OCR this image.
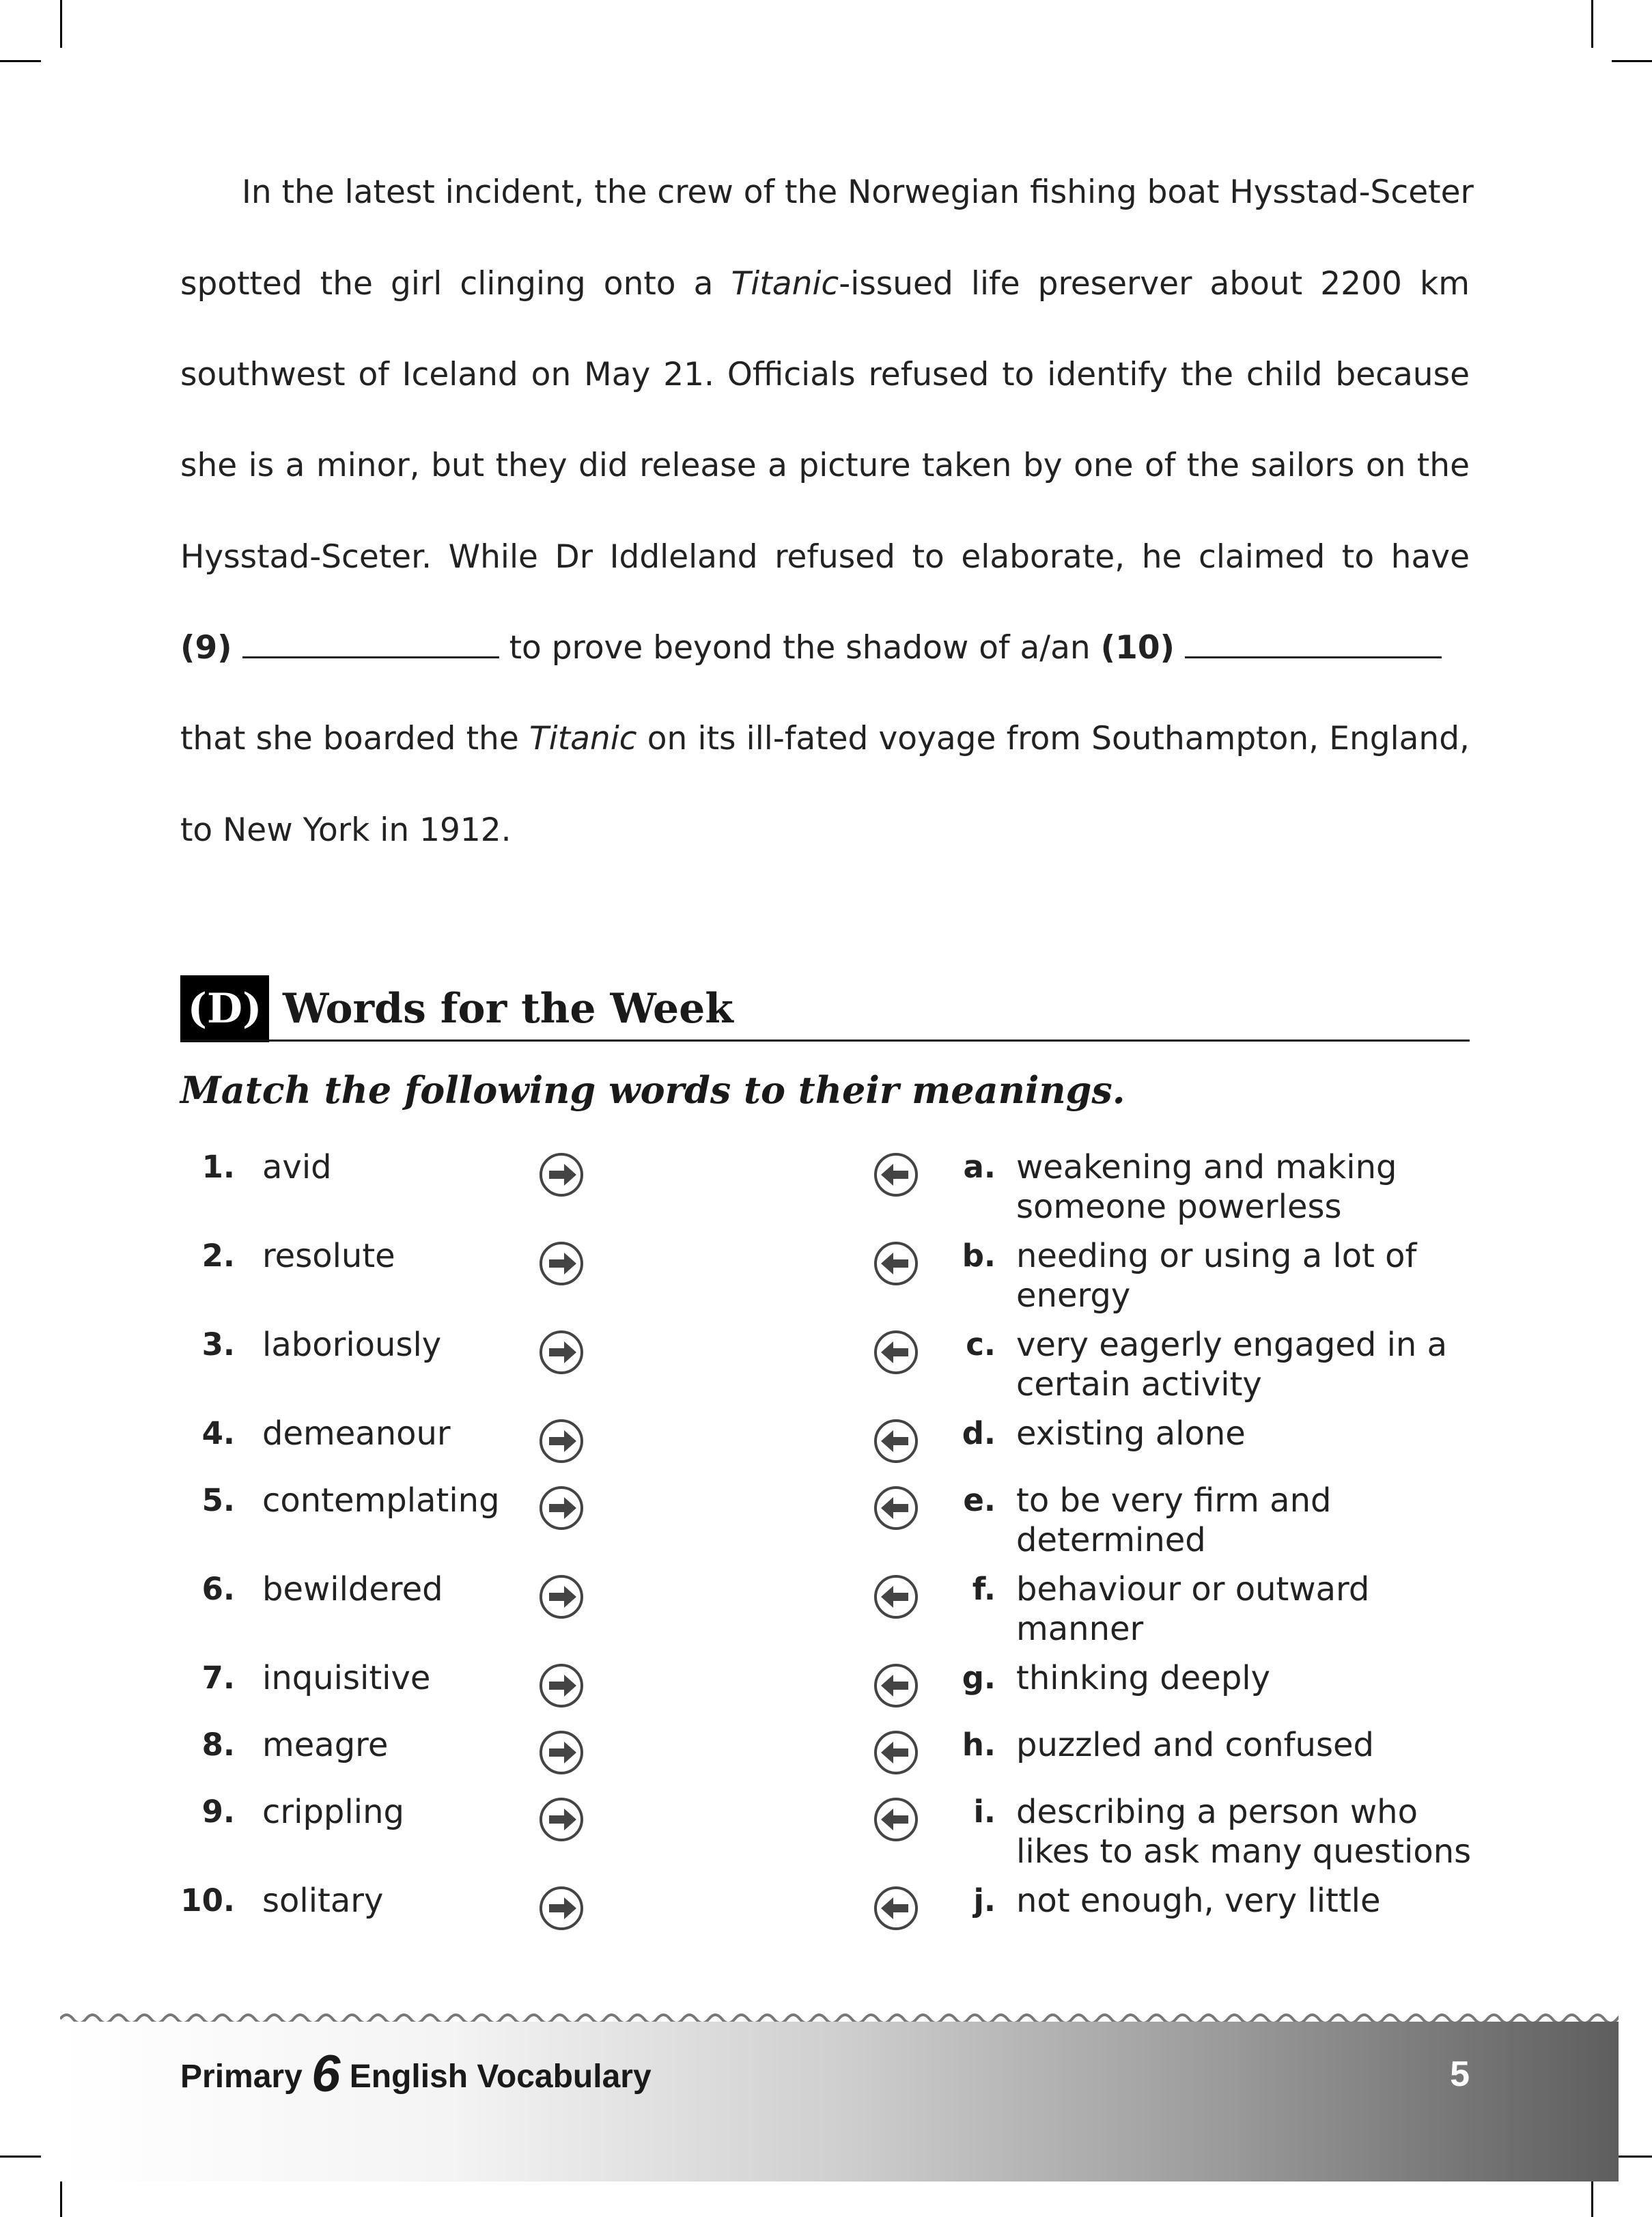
In the latest incident, the crew of the Norwegian fishing boat Hysstad-Sceter

spotted the girl clinging onto a Titanic-issued life preserver about 2200 km

southwest of Iceland on May 21. Officials refused to identify the child because

she is a minor, but they did release a picture taken by one of the sailors on the

Hysstad-Sceter. While Dr Iddleland refused to elaborate, he claimed to have

(9)	to prove beyond the shadow of a/an (10)

that she boarded the Titanic on its ill-fated voyage from Southampton, England,

to New York in 1912.

(D) Words for the Week
Match the following words to their meanings.
1. avid	a. weakening and making someone powerless
2. resolute	b. needing or using a lot of energy
3. laboriously	c. very eagerly engaged in a certain activity
4. demeanour	d. existing alone
5. contemplating	e. to be very firm and determined
6. bewildered	f. behaviour or outward manner
7. inquisitive	g. thinking deeply
8. meagre	h. puzzled and confused
9. crippling	i. describing a person who likes to ask many questions
10. solitary	j. not enough, very little
Primary 6 English Vocabulary	5
